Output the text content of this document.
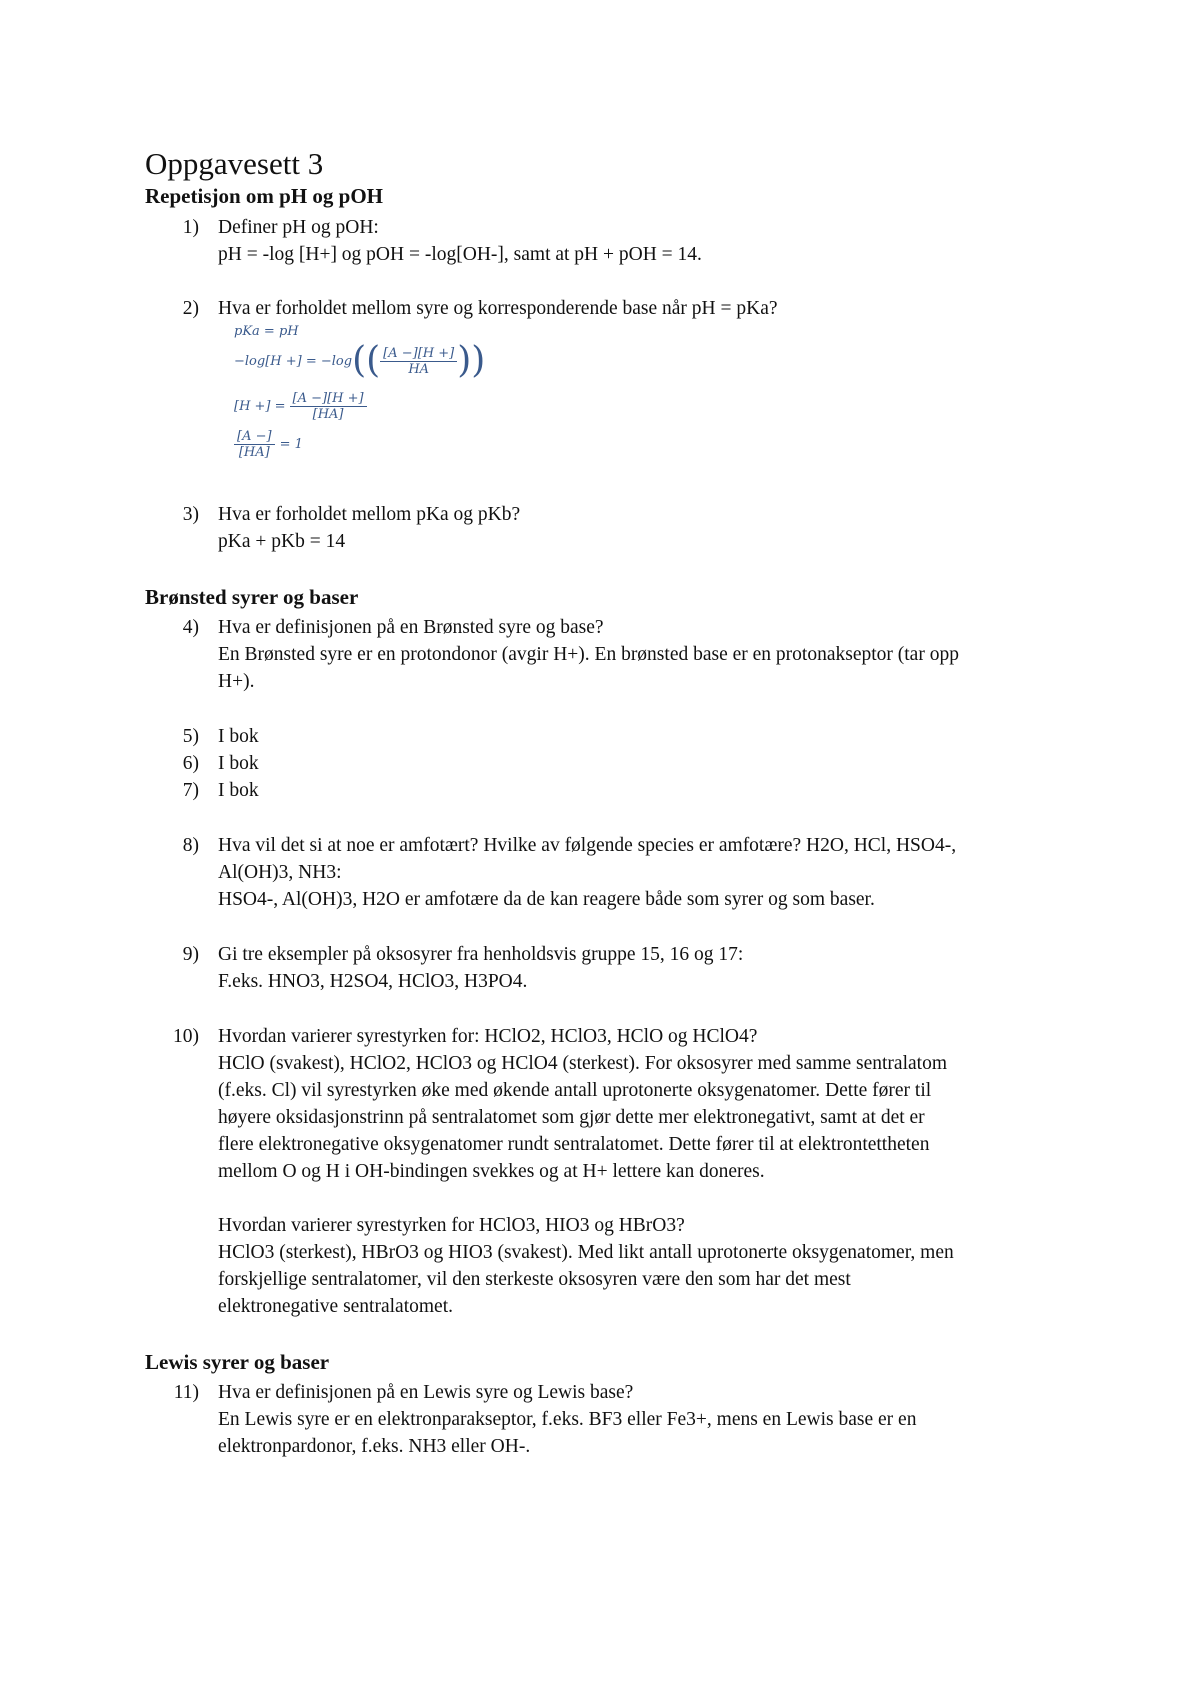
Oppgavesett 3
Repetisjon om pH og pOH
1) Definer pH og pOH:
pH = -log [H+] og pOH = -log[OH-], samt at pH + pOH = 14.
2) Hva er forholdet mellom syre og korresponderende base når pH = pKa?
pKa = pH
−log[H +] = −log (( $\frac{[A -][H +]}{HA}$ ))
[H +] = $\frac{[A -][H +]}{[HA]}$
$\frac{[A -]}{[HA]} = 1$
3) Hva er forholdet mellom pKa og pKb?
pKa + pKb = 14
Brønsted syrer og baser
4) Hva er definisjonen på en Brønsted syre og base?
En Brønsted syre er en protondonor (avgir H+). En brønsted base er en protonakseptor (tar opp
H+).
5) I bok
6) I bok
7) I bok
8) Hva vil det si at noe er amfotært? Hvilke av følgende species er amfotære? H2O, HCl, HSO4-,
Al(OH)3, NH3:
HSO4-, Al(OH)3, H2O er amfotære da de kan reagere både som syrer og som baser.
9) Gi tre eksempler på oksosyrer fra henholdsvis gruppe 15, 16 og 17:
F.eks. HNO3, H2SO4, HClO3, H3PO4.
10) Hvordan varierer syrestyrken for: HClO2, HClO3, HClO og HClO4?
HClO (svakest), HClO2, HClO3 og HClO4 (sterkest). For oksosyrer med samme sentralatom
(f.eks. Cl) vil syrestyrken øke med økende antall uprotonerte oksygenatomer. Dette fører til
høyere oksidasjonstrinn på sentralatomet som gjør dette mer elektronegativt, samt at det er
flere elektronegative oksygenatomer rundt sentralatomet. Dette fører til at elektrontettheten
mellom O og H i OH-bindingen svekkes og at H+ lettere kan doneres.
Hvordan varierer syrestyrken for HClO3, HIO3 og HBrO3?
HClO3 (sterkest), HBrO3 og HIO3 (svakest). Med likt antall uprotonerte oksygenatomer, men
forskjellige sentralatomer, vil den sterkeste oksosyren være den som har det mest
elektronegative sentralatomet.
Lewis syrer og baser
11) Hva er definisjonen på en Lewis syre og Lewis base?
En Lewis syre er en elektronparakseptor, f.eks. BF3 eller Fe3+, mens en Lewis base er en
elektronpardonor, f.eks. NH3 eller OH-.
